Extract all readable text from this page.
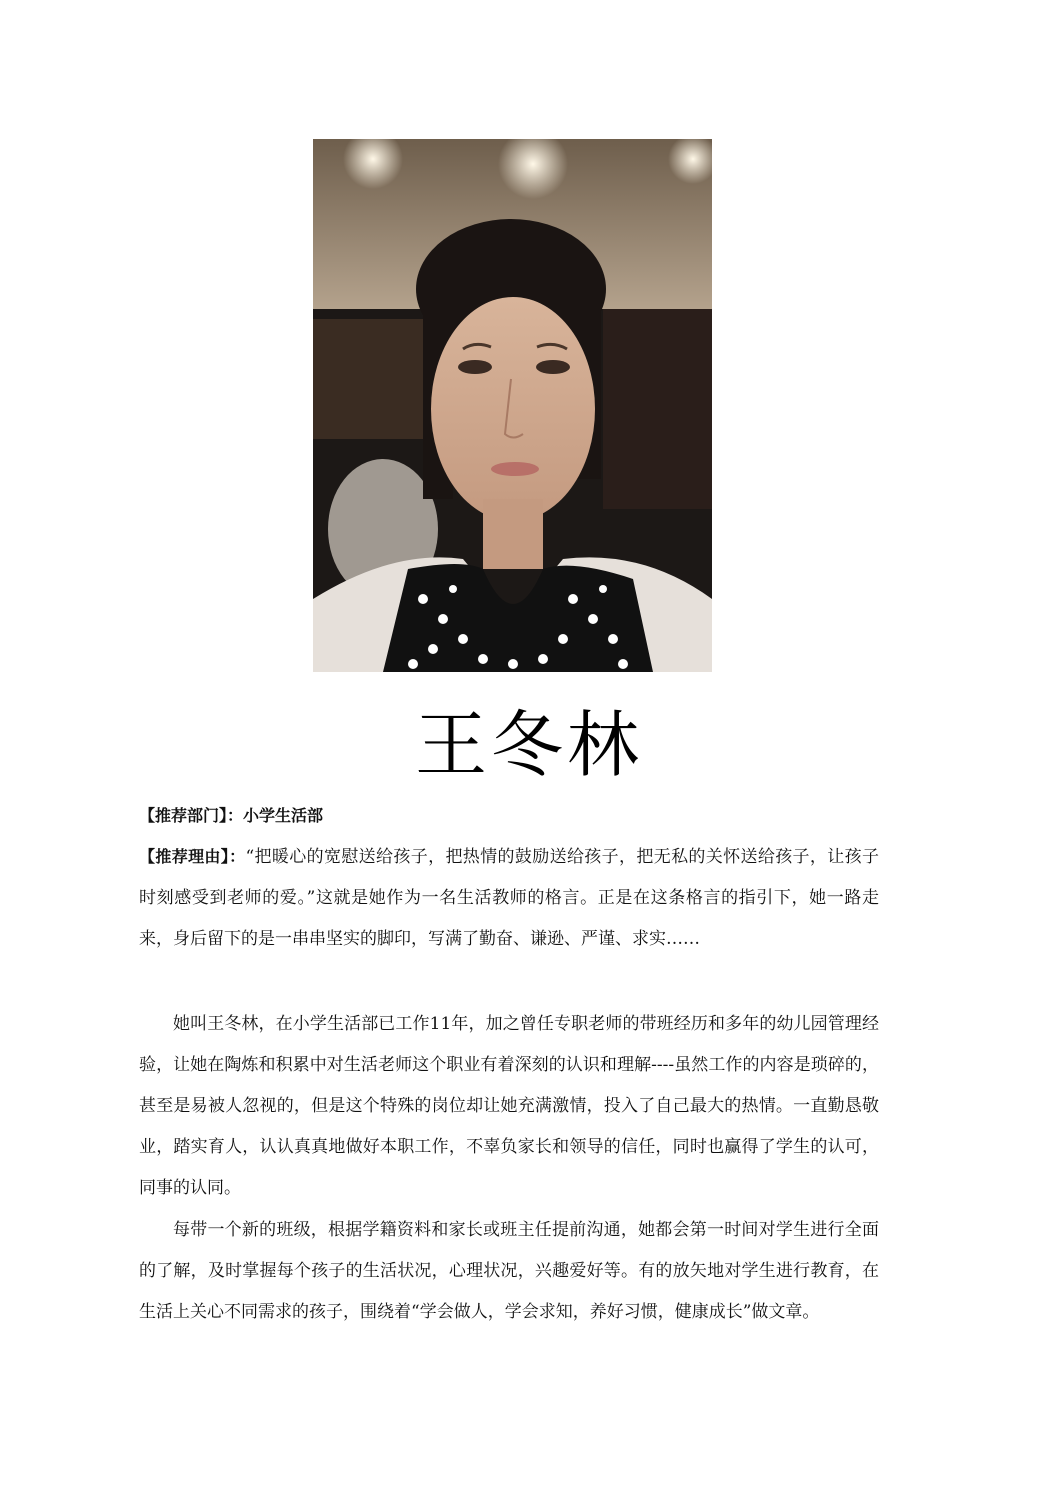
王冬林
【推荐部门】：小学生活部
【推荐理由】：“把暖心的宽慰送给孩子，把热情的鼓励送给孩子，把无私的关怀送给孩子，让孩子时刻感受到老师的爱。”这就是她作为一名生活教师的格言。正是在这条格言的指引下，她一路走来，身后留下的是一串串坚实的脚印，写满了勤奋、谦逊、严谨、求实……

她叫王冬林，在小学生活部已工作11年，加之曾任专职老师的带班经历和多年的幼儿园管理经验，让她在陶炼和积累中对生活老师这个职业有着深刻的认识和理解----虽然工作的内容是琐碎的，甚至是易被人忽视的，但是这个特殊的岗位却让她充满激情，投入了自己最大的热情。一直勤恳敬业，踏实育人，认认真真地做好本职工作，不辜负家长和领导的信任，同时也赢得了学生的认可，同事的认同。

每带一个新的班级，根据学籍资料和家长或班主任提前沟通，她都会第一时间对学生进行全面的了解，及时掌握每个孩子的生活状况，心理状况，兴趣爱好等。有的放矢地对学生进行教育，在生活上关心不同需求的孩子，围绕着“学会做人，学会求知，养好习惯，健康成长”做文章。
